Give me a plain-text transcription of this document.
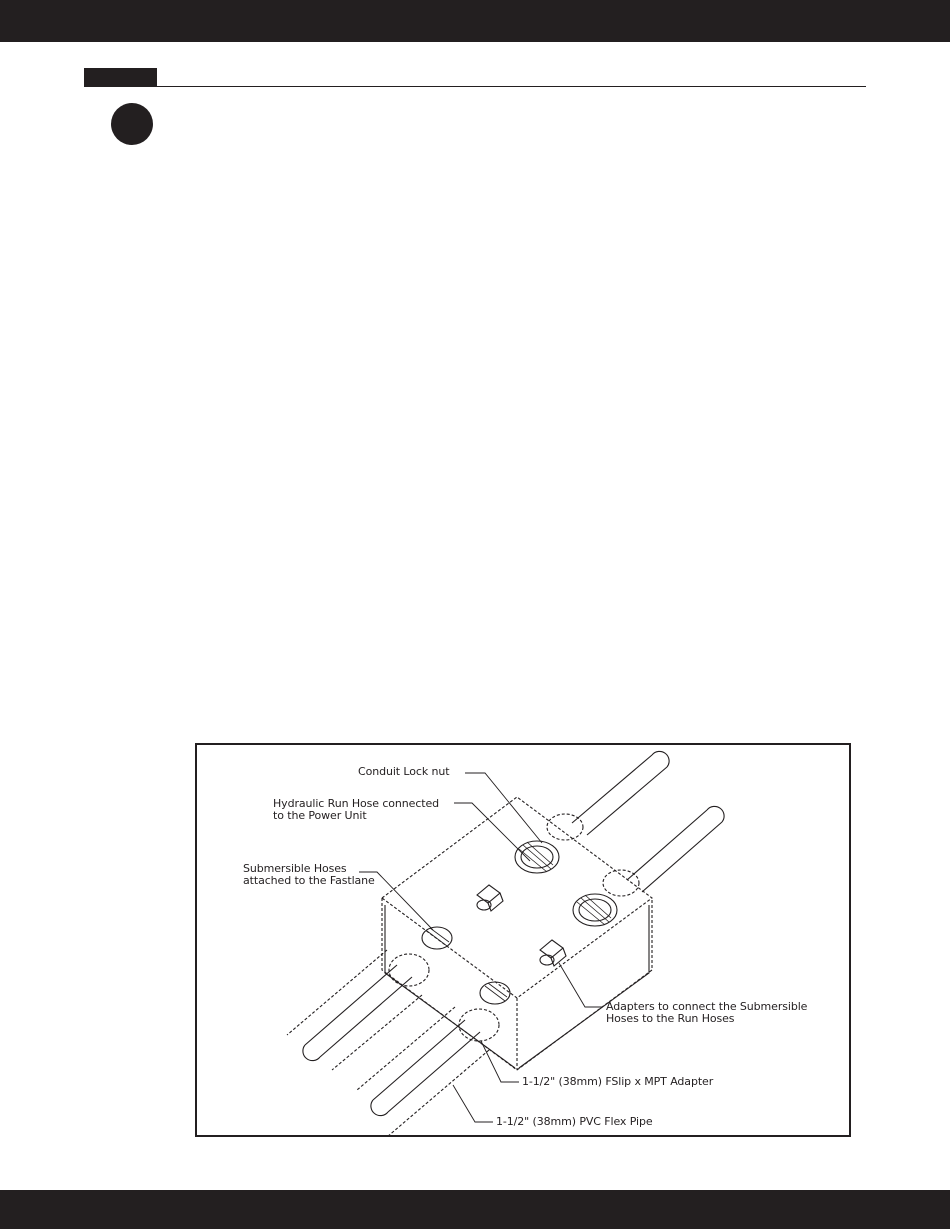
Conduit Lock nut
Hydraulic Run Hose connected
to the Power Unit
Submersible Hoses
attached to the Fastlane
Adapters to connect the Submersible
Hoses to the Run Hoses
1-1/2" (38mm) FSlip x MPT Adapter
1-1/2" (38mm) PVC Flex Pipe
